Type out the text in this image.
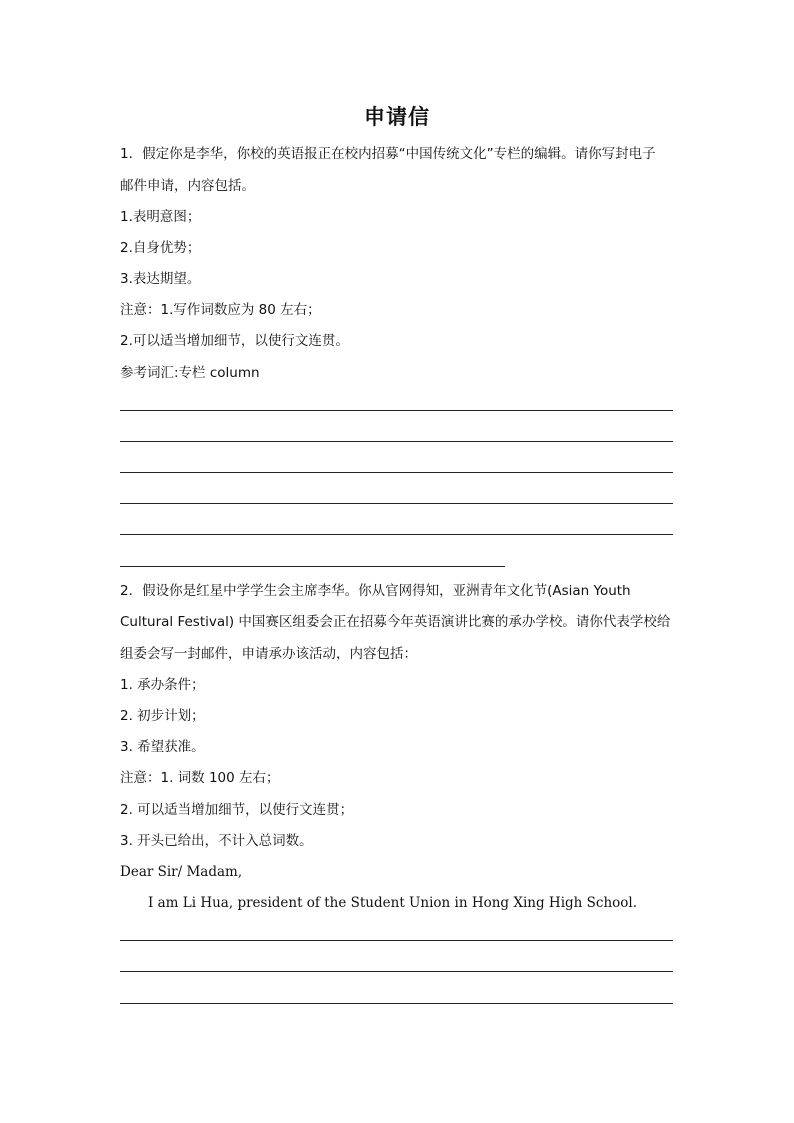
申请信
1．假定你是李华，你校的英语报正在校内招募“中国传统文化”专栏的编辑。请你写封电子
邮件申请，内容包括。
1.表明意图；
2.自身优势；
3.表达期望。
注意：1.写作词数应为 80 左右；
2.可以适当增加细节，以使行文连贯。
参考词汇:专栏 column
2．假设你是红星中学学生会主席李华。你从官网得知，亚洲青年文化节(Asian Youth
Cultural Festival) 中国赛区组委会正在招募今年英语演讲比赛的承办学校。请你代表学校给
组委会写一封邮件，申请承办该活动，内容包括：
1. 承办条件；
2. 初步计划；
3. 希望获准。
注意：1. 词数 100 左右；
2. 可以适当增加细节，以使行文连贯；
3. 开头已给出，不计入总词数。
Dear Sir/ Madam,
I am Li Hua, president of the Student Union in Hong Xing High School.
